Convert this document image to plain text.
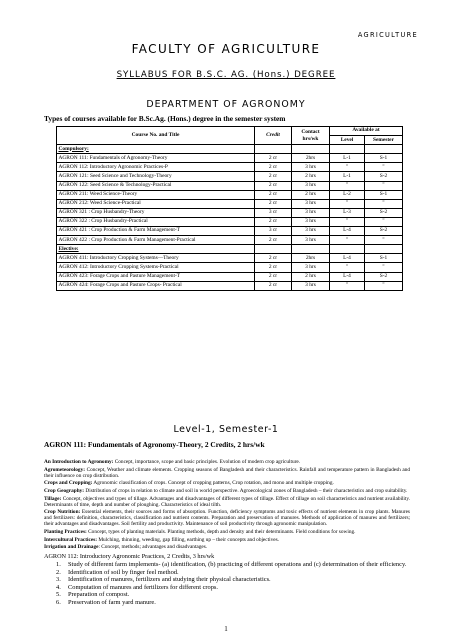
AGRICULTURE
FACULTY OF AGRICULTURE
SYLLABUS FOR B.S.C. AG. (Hons.) DEGREE
DEPARTMENT OF AGRONOMY
Types of courses available for B.Sc.Ag. (Hons.) degree in the semester system
Course No. and Title	Credit	Contact hrs/wk	Available at	
			Level	Semester
Compulsory:				
AGRON 111: Fundamentals of Agronomy-Theory	2 cr	2hrs	L-1	S-1
AGRON 112: Introductory Agronomic Practices-P	2 cr	3 hrs	"	"
AGRON 121: Seed Science and Technology-Theory	2 cr	2 hrs	L-1	S-2
AGRON 122: Seed Science & Technology-Practical	2 cr	3 hrs	"	"
AGRON 211: Weed Science-Theory	2 cr	2 hrs	L-2	S-1
AGRON 212: Weed Science-Practical	2 cr	3 hrs	"	"
AGRON 321 : Crop Husbandry-Theory	3 cr	3 hrs	L-3	S-2
AGRON 322 : Crop Husbandry-Practical	2 cr	3 hrs	"	"
AGRON 421 : Crop Production & Farm Management-T	3 cr	3 hrs	L-4	S-2
AGRON 422 : Crop Production & Farm Management-Practical	2 cr	3 hrs	"	"
Elective:				
AGRON 411: Introductory Cropping Systems—Theory	2 cr	2hrs	L-4	S-1
AGRON 412: Introductory Cropping Systems-Practical	2 cr	3 hrs	"	"
AGRON 423: Forage Crops and Pasture Management-T	2 cr	2 hrs	L-4	S-2
AGRON 424: Forage Crops and Pasture Crops- Practical	2 cr	3 hrs	"	"
Level-1, Semester-1
AGRON 111: Fundamentals of Agronomy-Theory, 2 Credits, 2 hrs/wk

An Introduction to Agronomy: Concept, importance, scope and basic principles. Evolution of modern crop agriculture.

Agrometeorology: Concept, Weather and climate elements. Cropping seasons of Bangladesh and their characteristics. Rainfall and temperature pattern in Bangladesh and their influence on crop distribution.

Crops and Cropping: Agronomic classification of crops. Concept of cropping patterns, Crop rotation, and mono and multiple cropping.

Crop Geography: Distribution of crops in relation to climate and soil in world perspective. Agroecological zones of Bangladesh – their characteristics and crop suitability.

Tillage: Concept, objectives and types of tillage. Advantages and disadvantages of different types of tillage. Effect of tillage on soil characteristics and nutrient availability. Determinants of time, depth and number of ploughing. Characteristics of ideal tilth.

Crop Nutrition: Essential elements, their sources and forms of absorption. Function, deficiency symptoms and toxic effects of nutrient elements in crop plants. Manures and fertilizers: definition, characteristics, classification and nutrient contents. Preparation and preservation of manures. Methods of application of manures and fertilizers; their advantages and disadvantages. Soil fertility and productivity. Maintenance of soil productivity through agronomic manipulation.

Planting Practices: Concept, types of planting materials. Planting methods, depth and density and their determinants. Field conditions for sowing.

Intercultural Practices: Mulching, thinning, weeding, gap filling, earthing up – their concepts and objectives.

Irrigation and Drainage: Concept, methods; advantages and disadvantages.

AGRON 112: Introductory Agronomic Practices, 2 Credits, 3 hrs/wk
1. Study of different farm implements- (a) identification, (b) practicing of different operations and (c) determination of their efficiency.
2. Identification of soil by finger feel method.
3. Identification of manures, fertilizers and studying their physical characteristics.
4. Computation of manures and fertilizers for different crops.
5. Preparation of compost.
6. Preservation of farm yard manure.
1
